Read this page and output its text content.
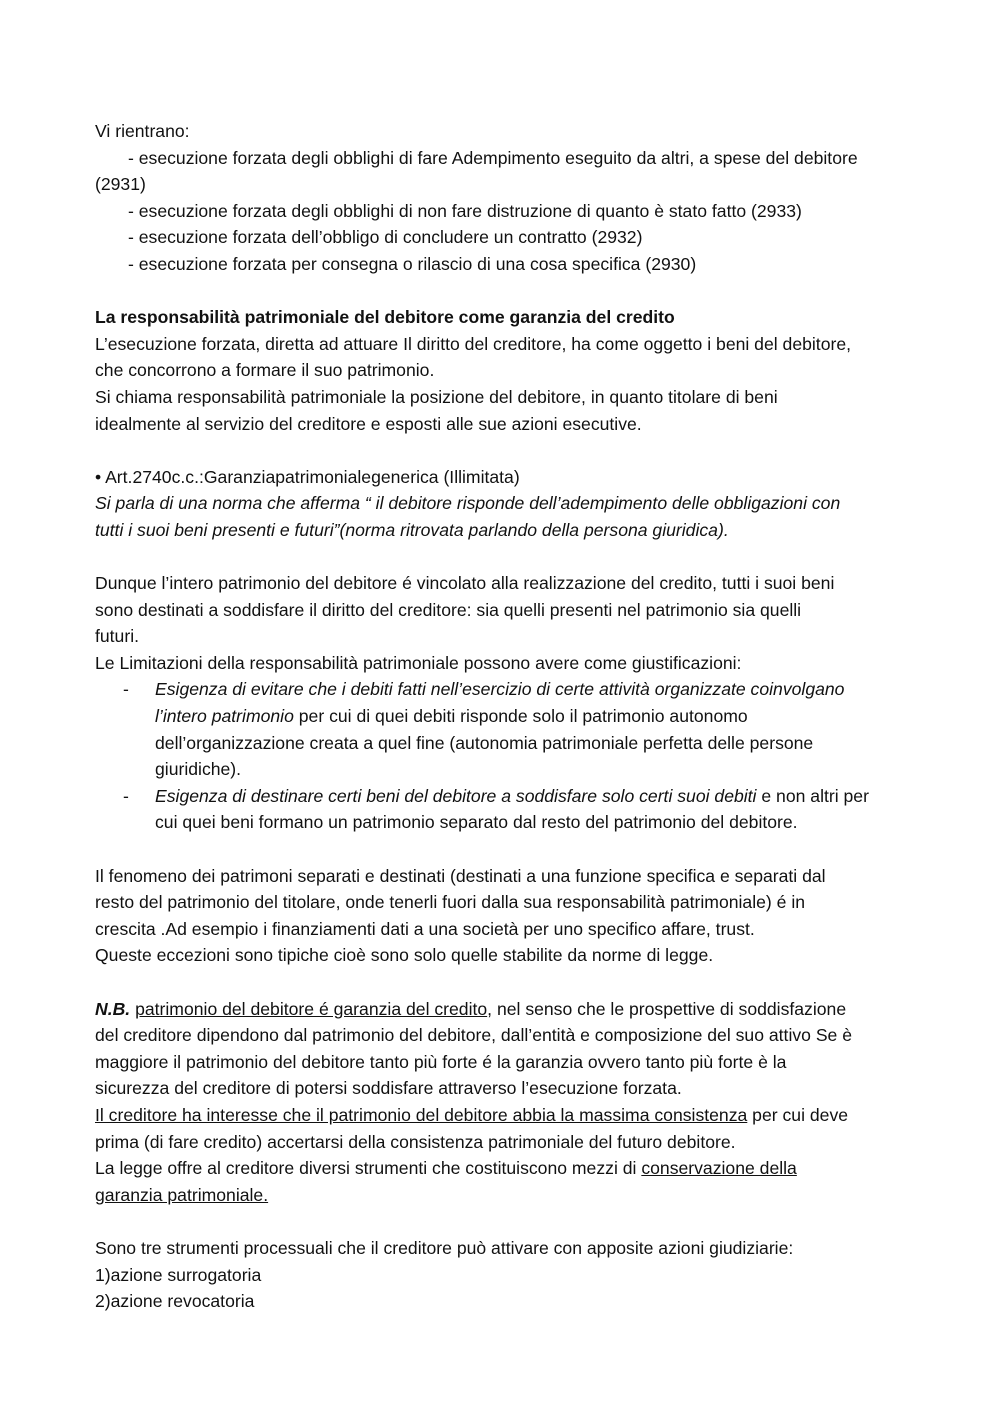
Vi rientrano:

- esecuzione forzata degli obblighi di fare Adempimento eseguito da altri, a spese del debitore

(2931)

- esecuzione forzata degli obblighi di non fare distruzione di quanto è stato fatto (2933)

- esecuzione forzata dell’obbligo di concludere un contratto (2932)

- esecuzione forzata per consegna o rilascio di una cosa specifica (2930)

La responsabilità patrimoniale del debitore come garanzia del credito

L’esecuzione forzata, diretta ad attuare Il diritto del creditore, ha come oggetto i beni del debitore,

che concorrono a formare il suo patrimonio.

Si chiama responsabilità patrimoniale la posizione del debitore, in quanto titolare di beni

idealmente al servizio del creditore e esposti alle sue azioni esecutive.

• Art.2740c.c.:Garanziapatrimonialegenerica (Illimitata)

Si parla di una norma che afferma “ il debitore risponde dell’adempimento delle obbligazioni con

tutti i suoi beni presenti e futuri”(norma ritrovata parlando della persona giuridica).

Dunque l’intero patrimonio del debitore é vincolato alla realizzazione del credito, tutti i suoi beni

sono destinati a soddisfare il diritto del creditore: sia quelli presenti nel patrimonio sia quelli

futuri.

Le Limitazioni della responsabilità patrimoniale possono avere come giustificazioni:

- Esigenza di evitare che i debiti fatti nell’esercizio di certe attività organizzate coinvolgano

l’intero patrimonio per cui di quei debiti risponde solo il patrimonio autonomo

dell’organizzazione creata a quel fine (autonomia patrimoniale perfetta delle persone

giuridiche).

- Esigenza di destinare certi beni del debitore a soddisfare solo certi suoi debiti e non altri per

cui quei beni formano un patrimonio separato dal resto del patrimonio del debitore.

Il fenomeno dei patrimoni separati e destinati (destinati a una funzione specifica e separati dal

resto del patrimonio del titolare, onde tenerli fuori dalla sua responsabilità patrimoniale) é in

crescita .Ad esempio i finanziamenti dati a una società per uno specifico affare, trust.

Queste eccezioni sono tipiche cioè sono solo quelle stabilite da norme di legge.

N.B. patrimonio del debitore é garanzia del credito, nel senso che le prospettive di soddisfazione

del creditore dipendono dal patrimonio del debitore, dall’entità e composizione del suo attivo Se è

maggiore il patrimonio del debitore tanto più forte é la garanzia ovvero tanto più forte è la

sicurezza del creditore di potersi soddisfare attraverso l’esecuzione forzata.

Il creditore ha interesse che il patrimonio del debitore abbia la massima consistenza per cui deve

prima (di fare credito) accertarsi della consistenza patrimoniale del futuro debitore.

La legge offre al creditore diversi strumenti che costituiscono mezzi di conservazione della

garanzia patrimoniale.

Sono tre strumenti processuali che il creditore può attivare con apposite azioni giudiziarie:

1)azione surrogatoria

2)azione revocatoria
